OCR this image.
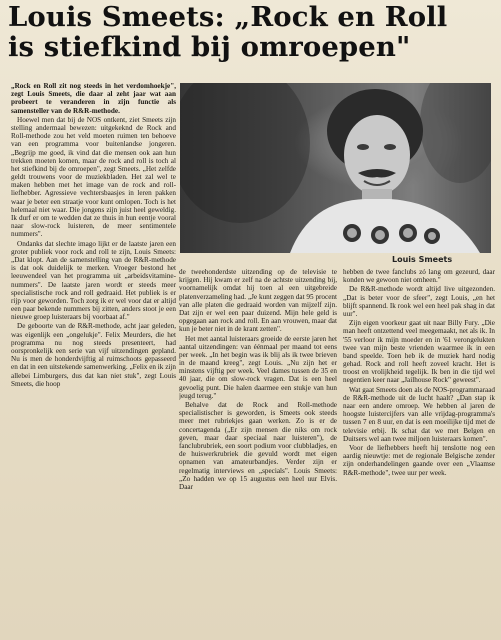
Louis Smeets: „Rock en Roll
is stiefkind bij omroepen"

„Rock en Roll zit nog steeds in het verdomhoekje", zegt Louis Smeets, die daar al zeht jaar wat aan probeert te veranderen in zijn functie als samensteller van de R&R-methode.

Hoewel men dat bij de NOS ontkent, ziet Smeets zijn stelling andermaal bewezen: uitgekeknd de Rock and Roll-methode zou het veld moeten ruimen ten behoeve van een programma voor buitenlandse jongeren. „Begrijp me goed, ik vind dat die mensen ook aan hun trekken moeten komen, maar de rock and roll is toch al het stiefkind bij de omroepen", zegt Smeets. „Het zelfde geldt trouwens voor de muziekbladen. Het zal wel te maken hebben met het image van de rock and roll-liefhebber. Agressieve vechtersbaasjes in leren pakken waar je beter een straatje voor kunt omlopen. Toch is het helemaal niet waar. Die jongens zijn juist heel geweldig. Ik durf er om te wedden dat ze thuis in hun eentje vooral naar slow-rock luisteren, de meer sentimentele nummers".

Ondanks dat slechte imago lijkt er de laatste jaren een groter publiek voor rock and roll te zijn, Louis Smeets: „Dat klopt. Aan de samenstelling van de R&R-methode is dat ook duidelijk te merken. Vroeger bestond het leeuwendeel van het programma uit „arbeidsvitamine-nummers". De laatste jaren wordt er steeds meer specialistische rock and roll gedraaid. Het publiek is er rijp voor geworden. Toch zorg ik er wel voor dat er altijd een paar bekende nummers bij zitten, anders stoot je een nieuwe groep luisteraars bij voorbaat af."

De geboorte van de R&R-methode, acht jaar geleden, was eigenlijk een „ongelukje". Felix Meurders, die het programma nu nog steeds presenteert, had oorspronkelijk een serie van vijf uitzendingen gepland. Nu is men de honderdvijftig al ruimschoots gepasseerd en dat in een uitstekende samenwerking. „Felix en ik zijn allebei Limburgers, dus dat kan niet stuk", zegt Louis Smeets, die hoop

Louis Smeets

de tweehonderdste uitzending op de televisie te krijgen. Hij kwam er zelf na de achtste uitzending bij, voornamelijk omdat hij toen al een uitgebreide platenverzameling had. „Je kunt zeggen dat 95 procent van alle platen die gedraaid worden van mijzelf zijn. Dat zijn er wel een paar duizend. Mijn hele geld is opgegaan aan rock and roll. En aan vrouwen, maar dat kun je beter niet in de krant zetten".

Het met aantal luisteraars groeide de eerste jaren het aantal uitzendingen: van éénmaal per maand tot eens per week. „In het begin was ik blij als ik twee brieven in de maand kreeg", zegt Louis. „Nu zijn het er minstens vijftig per week. Veel dames tussen de 35 en 40 jaar, die om slow-rock vragen. Dat is een heel gevoelig punt. Die halen daarmee een stukje van hun jeugd terug."

Behalve dat de Rock and Roll-methode specialistischer is geworden, is Smeets ook steeds meer met rubriekjes gaan werken. Zo is er de concertagenda („Er zijn mensen die niks om rock geven, maar daar speciaal naar luisteren"), de fanclubrubriek, een soort podium voor clubbladjes, en de huiswerkrubriek die gevuld wordt met eigen opnamen van amateurbandjes. Verder zijn er regelmatig interviews en „specials". Louis Smeets: „Zo hadden we op 15 augustus een heel uur Elvis. Daar

hebben de twee fanclubs zó lang om gezeurd, daar konden we gewoon niet omheen."

De R&R-methode wordt altijd live uitgezonden. „Dat is beter voor de sfeer", zegt Louis, „en het blijft spannend. Ik rook wel een heel pak shag in dat uur".

Zijn eigen voorkeur gaat uit naar Billy Fury. „Die man heeft ontzettend veel meegemaakt, net als ik. In '55 verloor ik mijn moeder en in '61 verongelukten twee van mijn beste vrienden waarmee ik in een band speelde. Toen heb ik de muziek hard nodig gehad. Rock and roll heeft zoveel kracht. Het is troost en vrolijkheid tegelijk. Ik ben in die tijd wel negentien keer naar „Jailhouse Rock" geweest".

Wat gaat Smeets doen als de NOS-programmaraad de R&R-methode uit de lucht haalt? „Dan stap ik naar een andere omroep. We hebben al jaren de hoogste luistercijfers van alle vrijdag-programma's tussen 7 en 8 uur, en dat is een moeilijke tijd met de televisie erbij. Ik schat dat we met Belgen en Duitsers wel aan twee miljoen luisteraars komen".

Voor de liefhebbers heeft hij tenslotte nog een aardig nieuwtje: met de regionale Belgische zender zijn onderhandelingen gaande over een „Vlaamse R&R-methode", twee uur per week.
